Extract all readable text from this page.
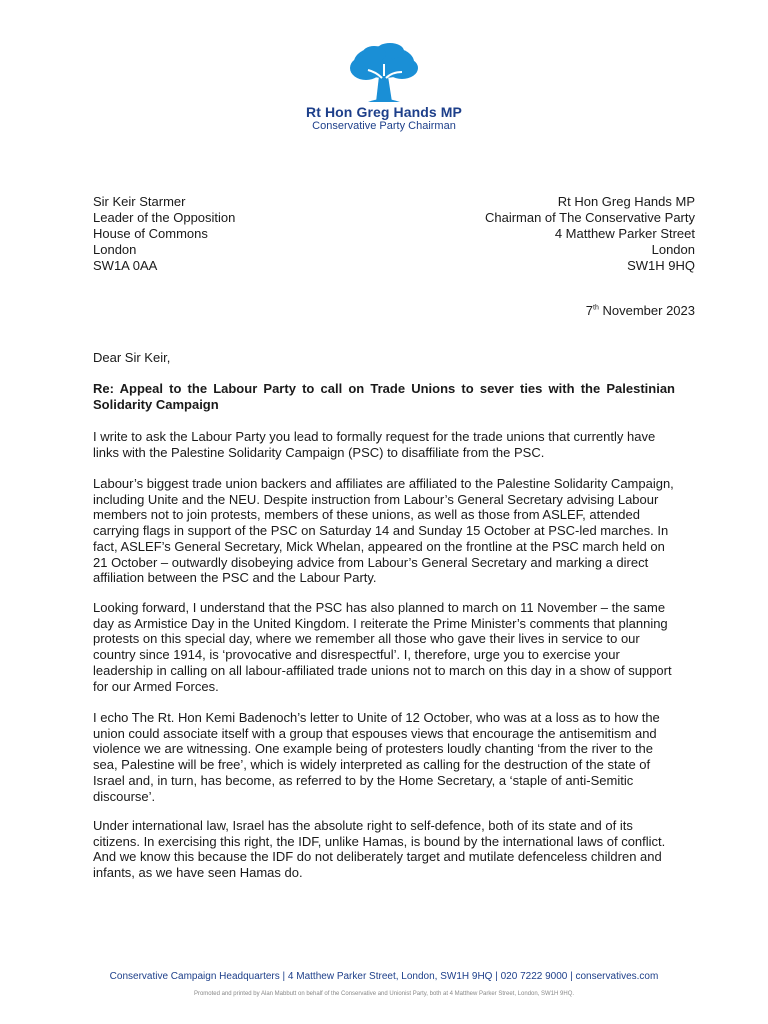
Rt Hon Greg Hands MP
Conservative Party Chairman
Sir Keir Starmer
Leader of the Opposition
House of Commons
London
SW1A 0AA
Rt Hon Greg Hands MP
Chairman of The Conservative Party
4 Matthew Parker Street
London
SW1H 9HQ
7th November 2023
Dear Sir Keir,
Re: Appeal to the Labour Party to call on Trade Unions to sever ties with the Palestinian Solidarity Campaign
I write to ask the Labour Party you lead to formally request for the trade unions that currently have links with the Palestine Solidarity Campaign (PSC) to disaffiliate from the PSC.
Labour’s biggest trade union backers and affiliates are affiliated to the Palestine Solidarity Campaign, including Unite and the NEU. Despite instruction from Labour’s General Secretary advising Labour members not to join protests, members of these unions, as well as those from ASLEF, attended carrying flags in support of the PSC on Saturday 14 and Sunday 15 October at PSC-led marches. In fact, ASLEF’s General Secretary, Mick Whelan, appeared on the frontline at the PSC march held on 21 October – outwardly disobeying advice from Labour’s General Secretary and marking a direct affiliation between the PSC and the Labour Party.
Looking forward, I understand that the PSC has also planned to march on 11 November – the same day as Armistice Day in the United Kingdom. I reiterate the Prime Minister’s comments that planning protests on this special day, where we remember all those who gave their lives in service to our country since 1914, is ‘provocative and disrespectful’. I, therefore, urge you to exercise your leadership in calling on all labour-affiliated trade unions not to march on this day in a show of support for our Armed Forces.
I echo The Rt. Hon Kemi Badenoch’s letter to Unite of 12 October, who was at a loss as to how the union could associate itself with a group that espouses views that encourage the antisemitism and violence we are witnessing. One example being of protesters loudly chanting ‘from the river to the sea, Palestine will be free’, which is widely interpreted as calling for the destruction of the state of Israel and, in turn, has become, as referred to by the Home Secretary, a ‘staple of anti-Semitic discourse’.
Under international law, Israel has the absolute right to self-defence, both of its state and of its citizens. In exercising this right, the IDF, unlike Hamas, is bound by the international laws of conflict. And we know this because the IDF do not deliberately target and mutilate defenceless children and infants, as we have seen Hamas do.
Conservative Campaign Headquarters | 4 Matthew Parker Street, London, SW1H 9HQ | 020 7222 9000 | conservatives.com
Promoted and printed by Alan Mabbutt on behalf of the Conservative and Unionist Party, both at 4 Matthew Parker Street, London, SW1H 9HQ.
